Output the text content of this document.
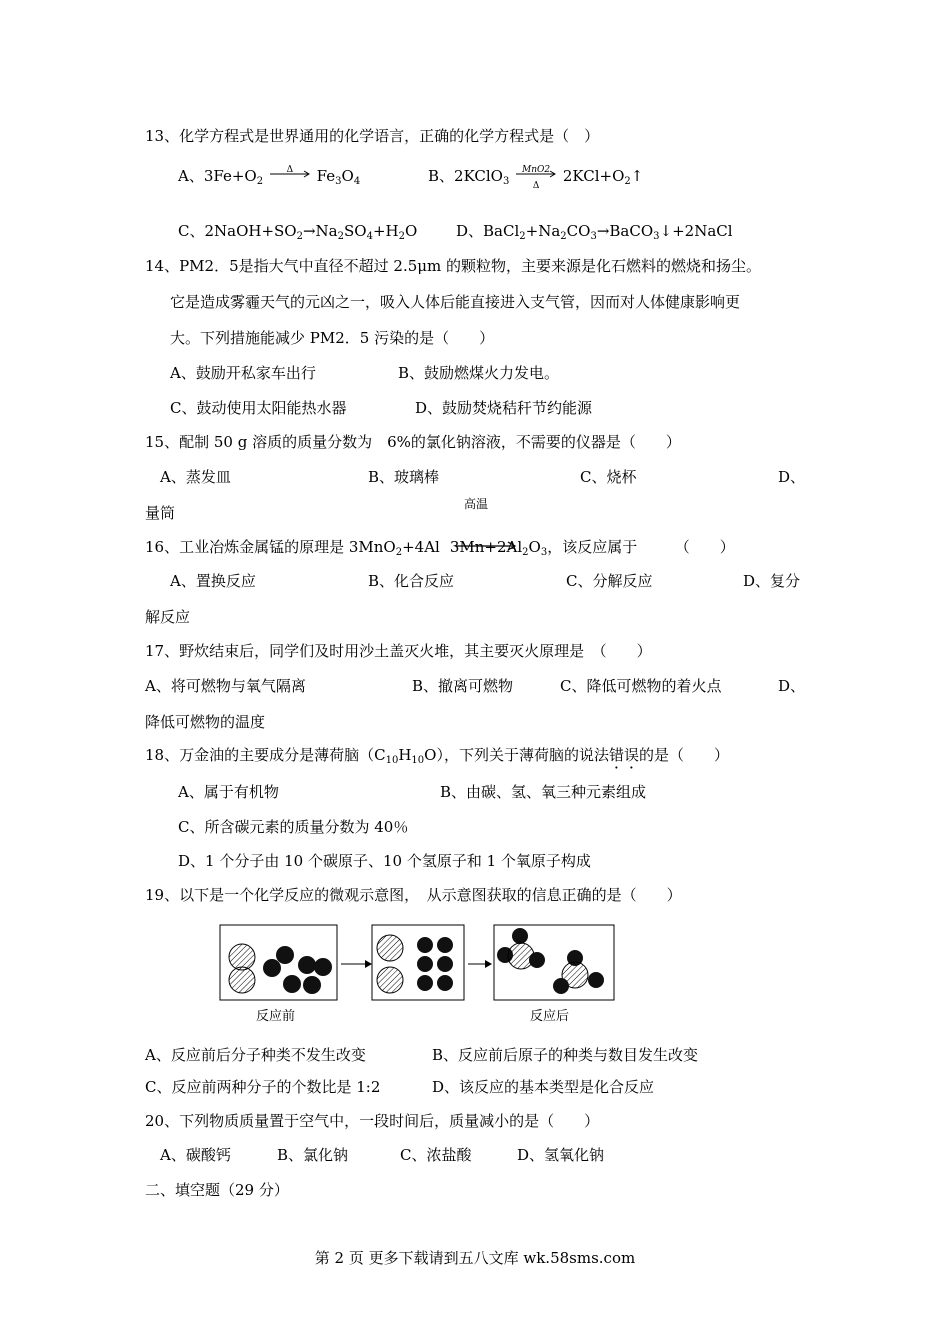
13、化学方程式是世界通用的化学语言，正确的化学方程式是（　）
A、$3Fe+O_2$
Δ	$Fe_3O_4$	B、2KClO$_3$
MnO2
Δ
$2KCl+O_2↑$
C、$2NaOH+SO_2\to Na_2SO_4+H_2O$	D、$BaCl_2+Na_2CO_3\to BaCO_3↓+2NaCl$
14、PM2．5是指大气中直径不超过 2.5μm 的颗粒物，主要来源是化石燃料的燃烧和扬尘。
它是造成雾霾天气的元凶之一，吸入人体后能直接进入支气管，因而对人体健康影响更
大。下列措施能减少 PM2．5 污染的是（　　）
A、鼓励开私家车出行	B、鼓励燃煤火力发电。
C、鼓动使用太阳能热水器	D、鼓励焚烧秸秆节约能源
15、配制 50 g 溶质的质量分数为　6%的氯化钠溶液，不需要的仪器是（　　）
A、蒸发皿	B、玻璃棒	C、烧杯	D、
量筒	高温
16、工业冶炼金属锰的原理是 3MnO$_2$+4Al $3Mn+2Al_2O_3$，该反应属于　　　（　　）
A、置换反应	B、化合反应	C、分解反应	D、复分
解反应
17、野炊结束后，同学们及时用沙土盖灭火堆，其主要灭火原理是　（　　）
A、将可燃物与氧气隔离	B、撤离可燃物	C、降低可燃物的着火点	D、
降低可燃物的温度
18、万金油的主要成分是薄荷脑$(C_{10}H_{10}O)$，下列关于薄荷脑的说法错误的是（　　）
A、属于有机物	B、由碳、氢、氧三种元素组成
C、所含碳元素的质量分数为 40％
D、1 个分子由 10 个碳原子、10 个氢原子和 1 个氧原子构成
19、以下是一个化学反应的微观示意图，　从示意图获取的信息正确的是（　　）
反应前	反应后
A、反应前后分子种类不发生改变	B、反应前后原子的种类与数目发生改变
C、反应前两种分子的个数比是 1:2	D、该反应的基本类型是化合反应
20、下列物质质量置于空气中，一段时间后，质量减小的是（　　）
A、碳酸钙	B、氯化钠	C、浓盐酸	D、氢氧化钠
二、填空题（29 分）
第 2 页 更多下载请到五八文库 wk.58sms.com
